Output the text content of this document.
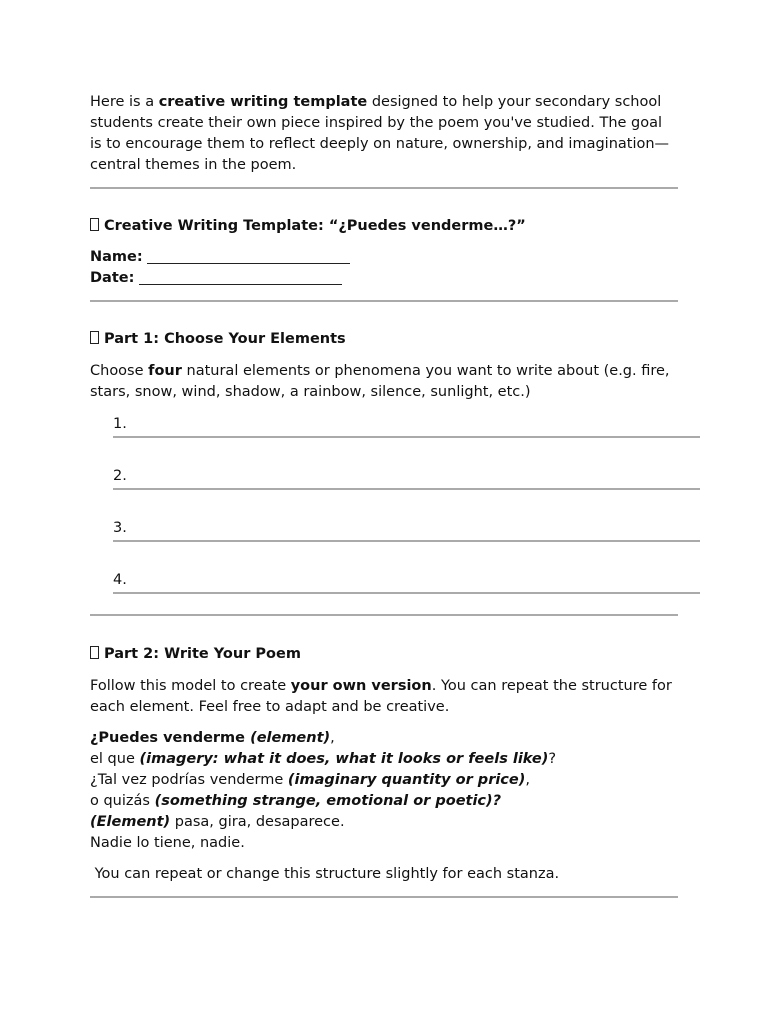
Here is a creative writing template designed to help your secondary school students create their own piece inspired by the poem you've studied. The goal is to encourage them to reflect deeply on nature, ownership, and imagination—central themes in the poem.

Creative Writing Template: “¿Puedes venderme…?”

Name:

Date:

Part 1: Choose Your Elements

Choose four natural elements or phenomena you want to write about (e.g. fire, stars, snow, wind, shadow, a rainbow, silence, sunlight, etc.)

1.
2.
3.
4.

Part 2: Write Your Poem

Follow this model to create your own version. You can repeat the structure for each element. Feel free to adapt and be creative.

¿Puedes venderme (element),

el que (imagery: what it does, what it looks or feels like)?

¿Tal vez podrías venderme (imaginary quantity or price),

o quizás (something strange, emotional or poetic)?

(Element) pasa, gira, desaparece.

Nadie lo tiene, nadie.

You can repeat or change this structure slightly for each stanza.
